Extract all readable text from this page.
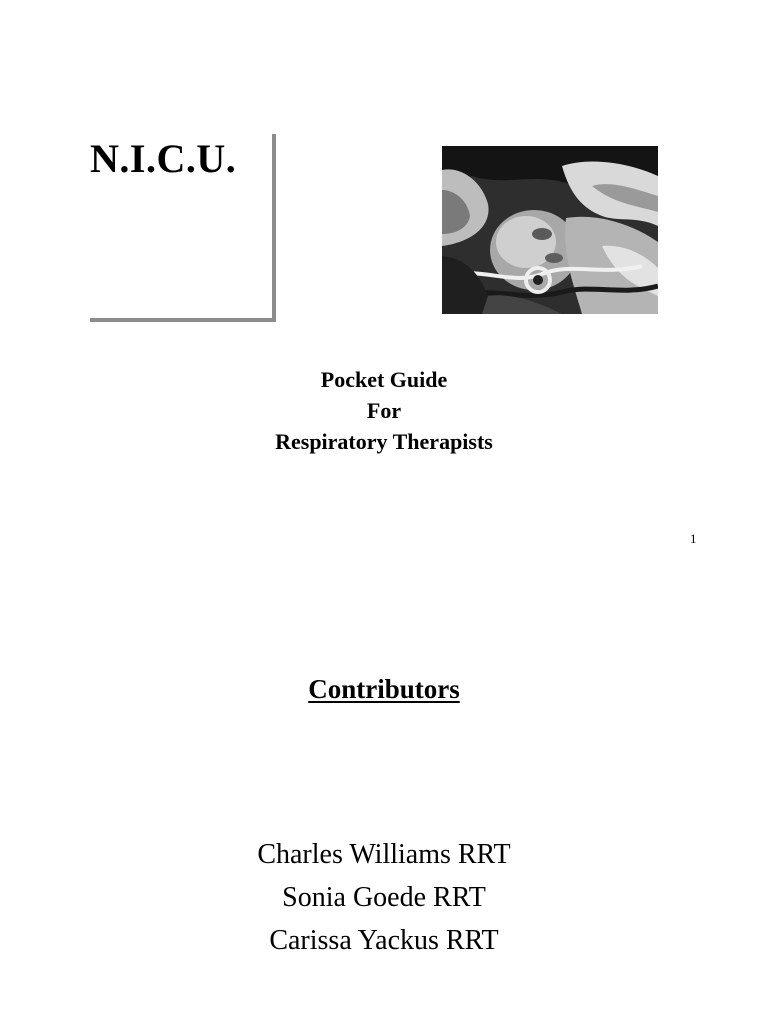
N.I.C.U.
Pocket Guide
For
Respiratory Therapists
1
Contributors
Charles Williams RRT
Sonia Goede RRT
Carissa Yackus RRT
